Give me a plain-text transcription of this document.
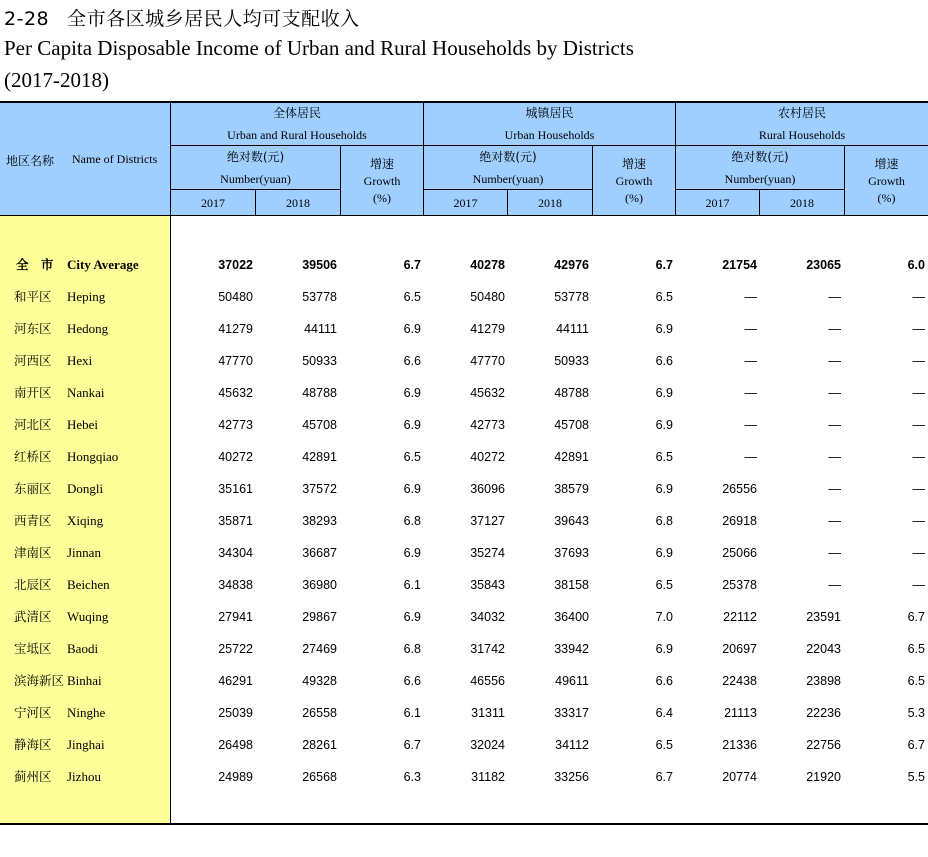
2-28 全市各区城乡居民人均可支配收入
Per Capita Disposable Income of Urban and Rural Households by Districts
(2017-2018)
地区名称 Name of Districts
全体居民
Urban and Rural Households
城镇居民
Urban Households
农村居民
Rural Households
绝对数(元)
Number(yuan)
绝对数(元)
Number(yuan)
绝对数(元)
Number(yuan)
增速
Growth
(%)
增速
Growth
(%)
增速
Growth
(%)
2017	2018	2017	2018	2017	2018
全 市 City Average	37022	39506	6.7	40278	42976	6.7	21754	23065	6.0
和平区 Heping	50480	53778	6.5	50480	53778	6.5	—	—	—
河东区 Hedong	41279	44111	6.9	41279	44111	6.9	—	—	—
河西区 Hexi	47770	50933	6.6	47770	50933	6.6	—	—	—
南开区 Nankai	45632	48788	6.9	45632	48788	6.9	—	—	—
河北区 Hebei	42773	45708	6.9	42773	45708	6.9	—	—	—
红桥区 Hongqiao	40272	42891	6.5	40272	42891	6.5	—	—	—
东丽区 Dongli	35161	37572	6.9	36096	38579	6.9	26556	—	—
西青区 Xiqing	35871	38293	6.8	37127	39643	6.8	26918	—	—
津南区 Jinnan	34304	36687	6.9	35274	37693	6.9	25066	—	—
北辰区 Beichen	34838	36980	6.1	35843	38158	6.5	25378	—	—
武清区 Wuqing	27941	29867	6.9	34032	36400	7.0	22112	23591	6.7
宝坻区 Baodi	25722	27469	6.8	31742	33942	6.9	20697	22043	6.5
滨海新区 Binhai	46291	49328	6.6	46556	49611	6.6	22438	23898	6.5
宁河区 Ninghe	25039	26558	6.1	31311	33317	6.4	21113	22236	5.3
静海区 Jinghai	26498	28261	6.7	32024	34112	6.5	21336	22756	6.7
蓟州区 Jizhou	24989	26568	6.3	31182	33256	6.7	20774	21920	5.5
